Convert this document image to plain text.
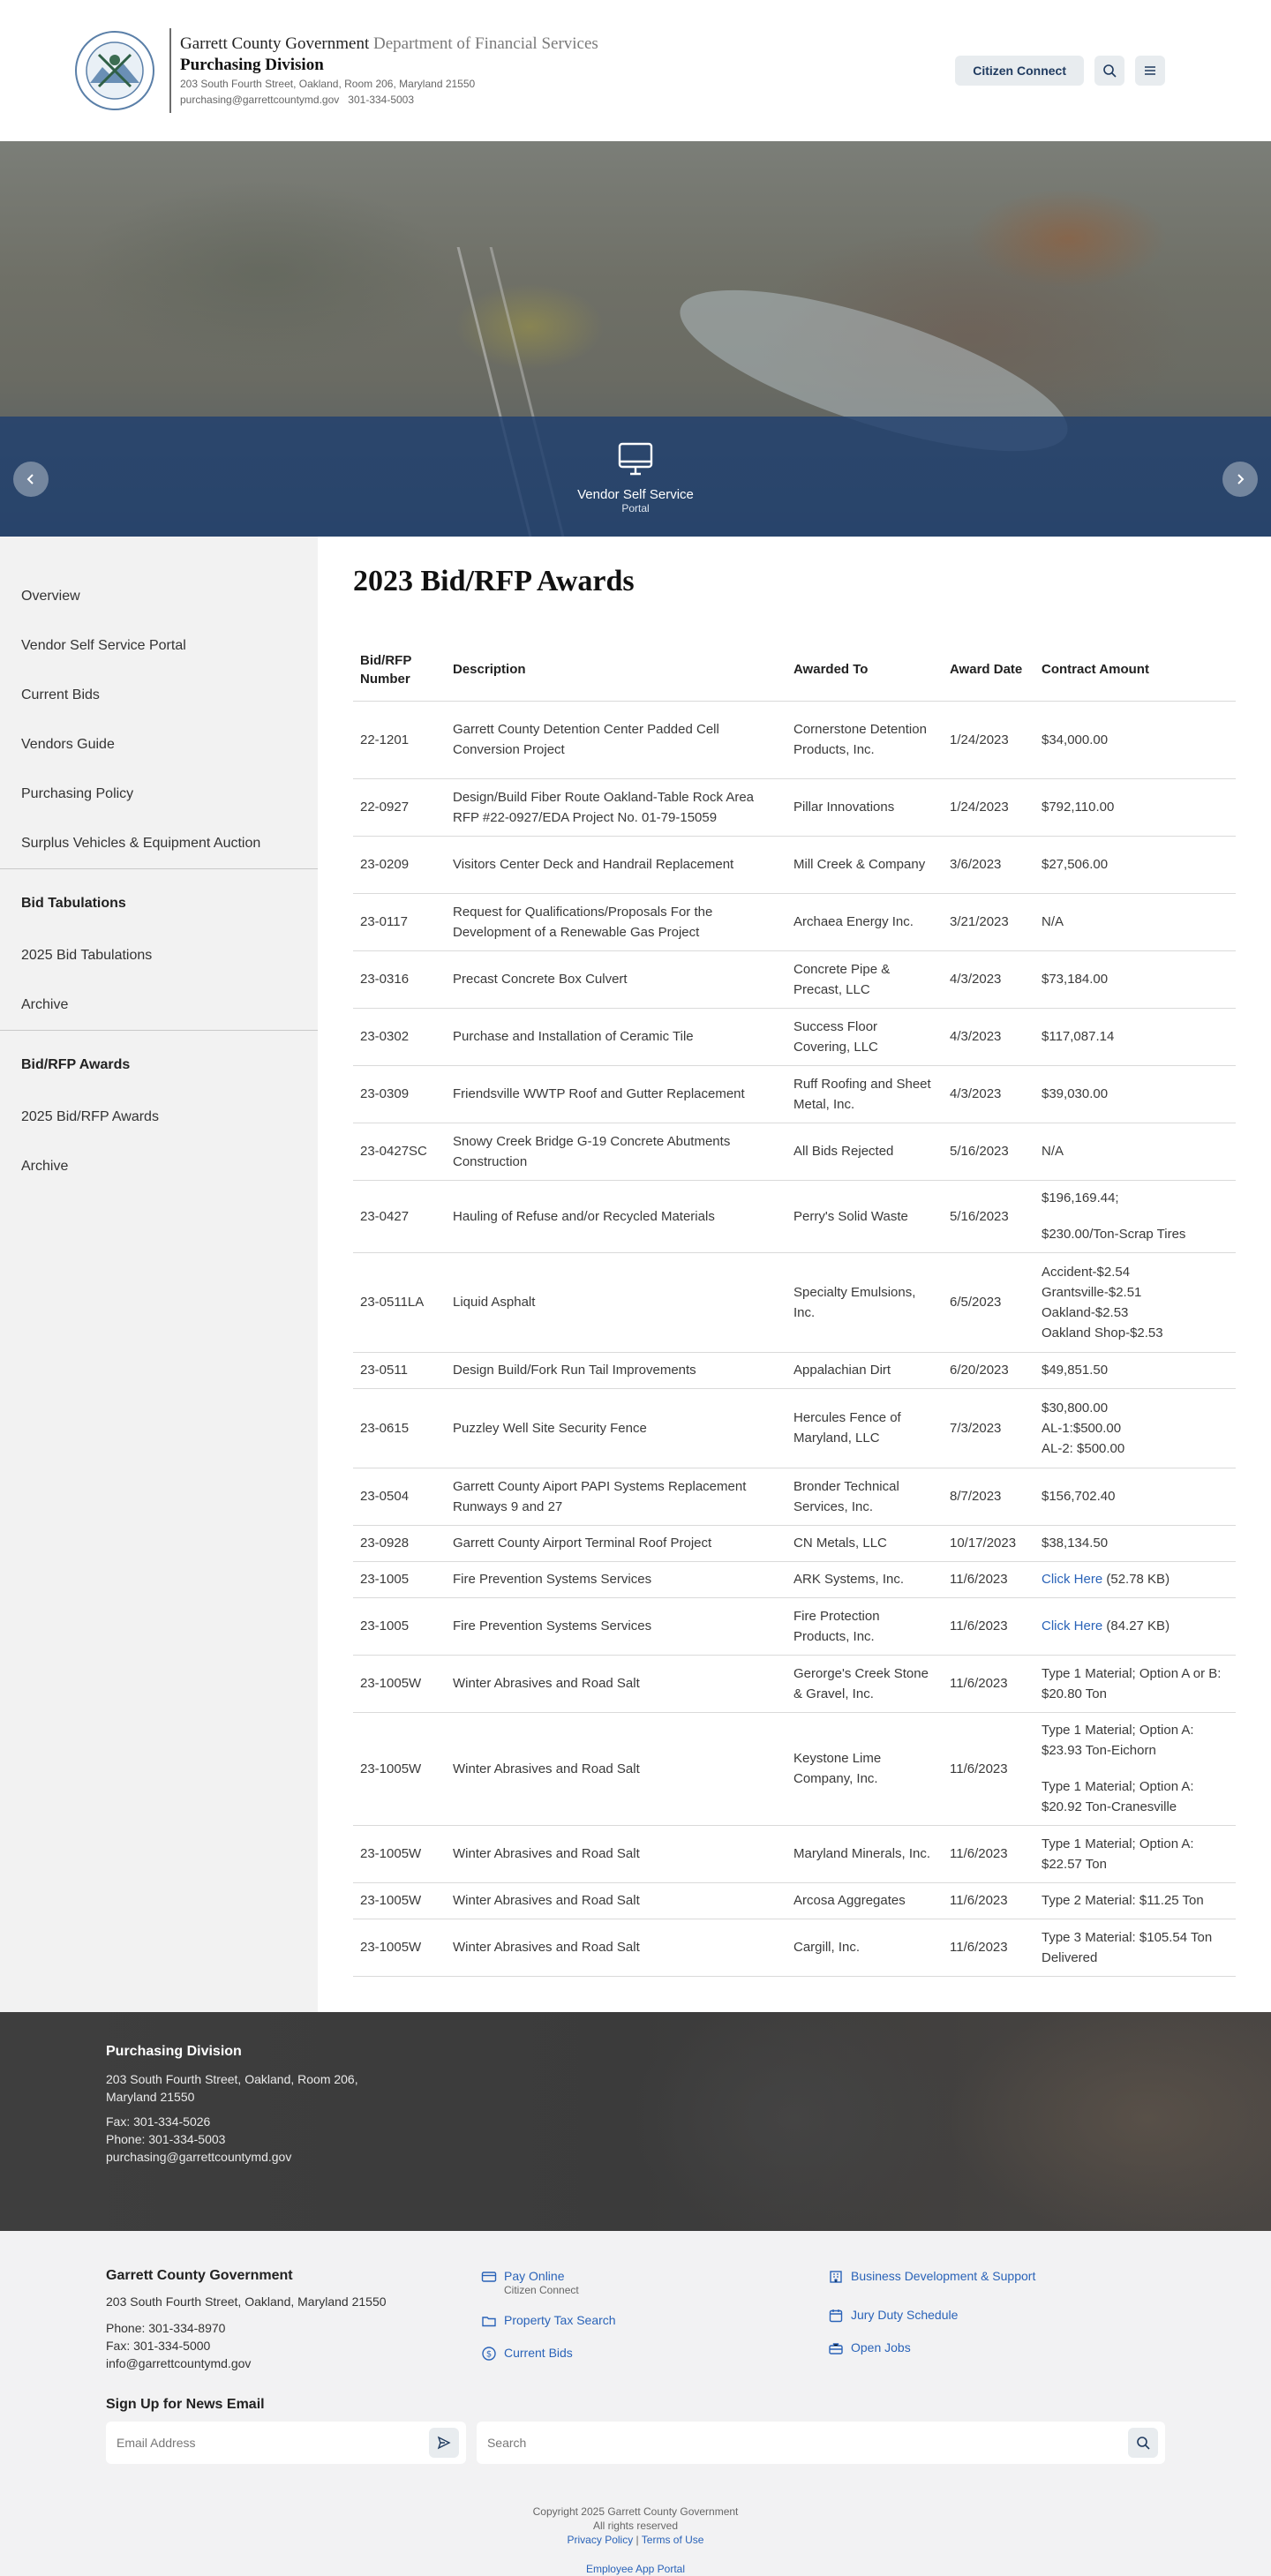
Garrett County Government Department of Financial Services
Purchasing Division
203 South Fourth Street, Oakland, Room 206, Maryland 21550
purchasing@garrettcountymd.gov 301-334-5003
Citizen Connect
Vendor Self Service
Portal
Overview
Vendor Self Service Portal
Current Bids
Vendors Guide
Purchasing Policy
Surplus Vehicles & Equipment Auction
Bid Tabulations
2025 Bid Tabulations
Archive
Bid/RFP Awards
2025 Bid/RFP Awards
Archive
2023 Bid/RFP Awards
Bid/RFP Number	Description	Awarded To	Award Date	Contract Amount
22-1201	Garrett County Detention Center Padded Cell Conversion Project	Cornerstone Detention Products, Inc.	1/24/2023	$34,000.00
22-0927	Design/Build Fiber Route Oakland-Table Rock Area RFP #22-0927/EDA Project No. 01-79-15059	Pillar Innovations	1/24/2023	$792,110.00
23-0209	Visitors Center Deck and Handrail Replacement	Mill Creek & Company	3/6/2023	$27,506.00
23-0117	Request for Qualifications/Proposals For the Development of a Renewable Gas Project	Archaea Energy Inc.	3/21/2023	N/A
23-0316	Precast Concrete Box Culvert	Concrete Pipe & Precast, LLC	4/3/2023	$73,184.00
23-0302	Purchase and Installation of Ceramic Tile	Success Floor Covering, LLC	4/3/2023	$117,087.14
23-0309	Friendsville WWTP Roof and Gutter Replacement	Ruff Roofing and Sheet Metal, Inc.	4/3/2023	$39,030.00
23-0427SC	Snowy Creek Bridge G-19 Concrete Abutments Construction	All Bids Rejected	5/16/2023	N/A
23-0427	Hauling of Refuse and/or Recycled Materials	Perry's Solid Waste	5/16/2023	$196,169.44;
$230.00/Ton-Scrap Tires

23-0511LA	Liquid Asphalt	Specialty Emulsions, Inc.	6/5/2023	Accident-$2.54
Grantsville-$2.51
Oakland-$2.53
Oakland Shop-$2.53

23-0511	Design Build/Fork Run Tail Improvements	Appalachian Dirt	6/20/2023	$49,851.50
23-0615	Puzzley Well Site Security Fence	Hercules Fence of Maryland, LLC	7/3/2023	$30,800.00
AL-1:$500.00
AL-2: $500.00

23-0504	Garrett County Aiport PAPI Systems Replacement Runways 9 and 27	Bronder Technical Services, Inc.	8/7/2023	$156,702.40
23-0928	Garrett County Airport Terminal Roof Project	CN Metals, LLC	10/17/2023	$38,134.50
23-1005	Fire Prevention Systems Services	ARK Systems, Inc.	11/6/2023	Click Here (52.78 KB)
23-1005	Fire Prevention Systems Services	Fire Protection Products, Inc.	11/6/2023	Click Here (84.27 KB)
23-1005W	Winter Abrasives and Road Salt	Gerorge's Creek Stone & Gravel, Inc.	11/6/2023	Type 1 Material; Option A or B: $20.80 Ton
23-1005W	Winter Abrasives and Road Salt	Keystone Lime Company, Inc.	11/6/2023	Type 1 Material; Option A: $23.93 Ton-Eichorn
Type 1 Material; Option A: $20.92 Ton-Cranesville

23-1005W	Winter Abrasives and Road Salt	Maryland Minerals, Inc.	11/6/2023	Type 1 Material; Option A: $22.57 Ton
23-1005W	Winter Abrasives and Road Salt	Arcosa Aggregates	11/6/2023	Type 2 Material: $11.25 Ton
23-1005W	Winter Abrasives and Road Salt	Cargill, Inc.	11/6/2023	Type 3 Material: $105.54 Ton Delivered
Purchasing Division
203 South Fourth Street, Oakland, Room 206,
Maryland 21550
Fax: 301-334-5026
Phone: 301-334-5003
purchasing@garrettcountymd.gov
Garrett County Government
203 South Fourth Street, Oakland, Maryland 21550
Phone: 301-334-8970
Fax: 301-334-5000
info@garrettcountymd.gov
Pay Online
Citizen Connect
Property Tax Search
$ Current Bids
Business Development & Support
Jury Duty Schedule
Open Jobs
Sign Up for News Email
Email Address	Search
Copyright 2025 Garrett County Government
All rights reserved
Privacy Policy | Terms of Use
Employee App Portal
